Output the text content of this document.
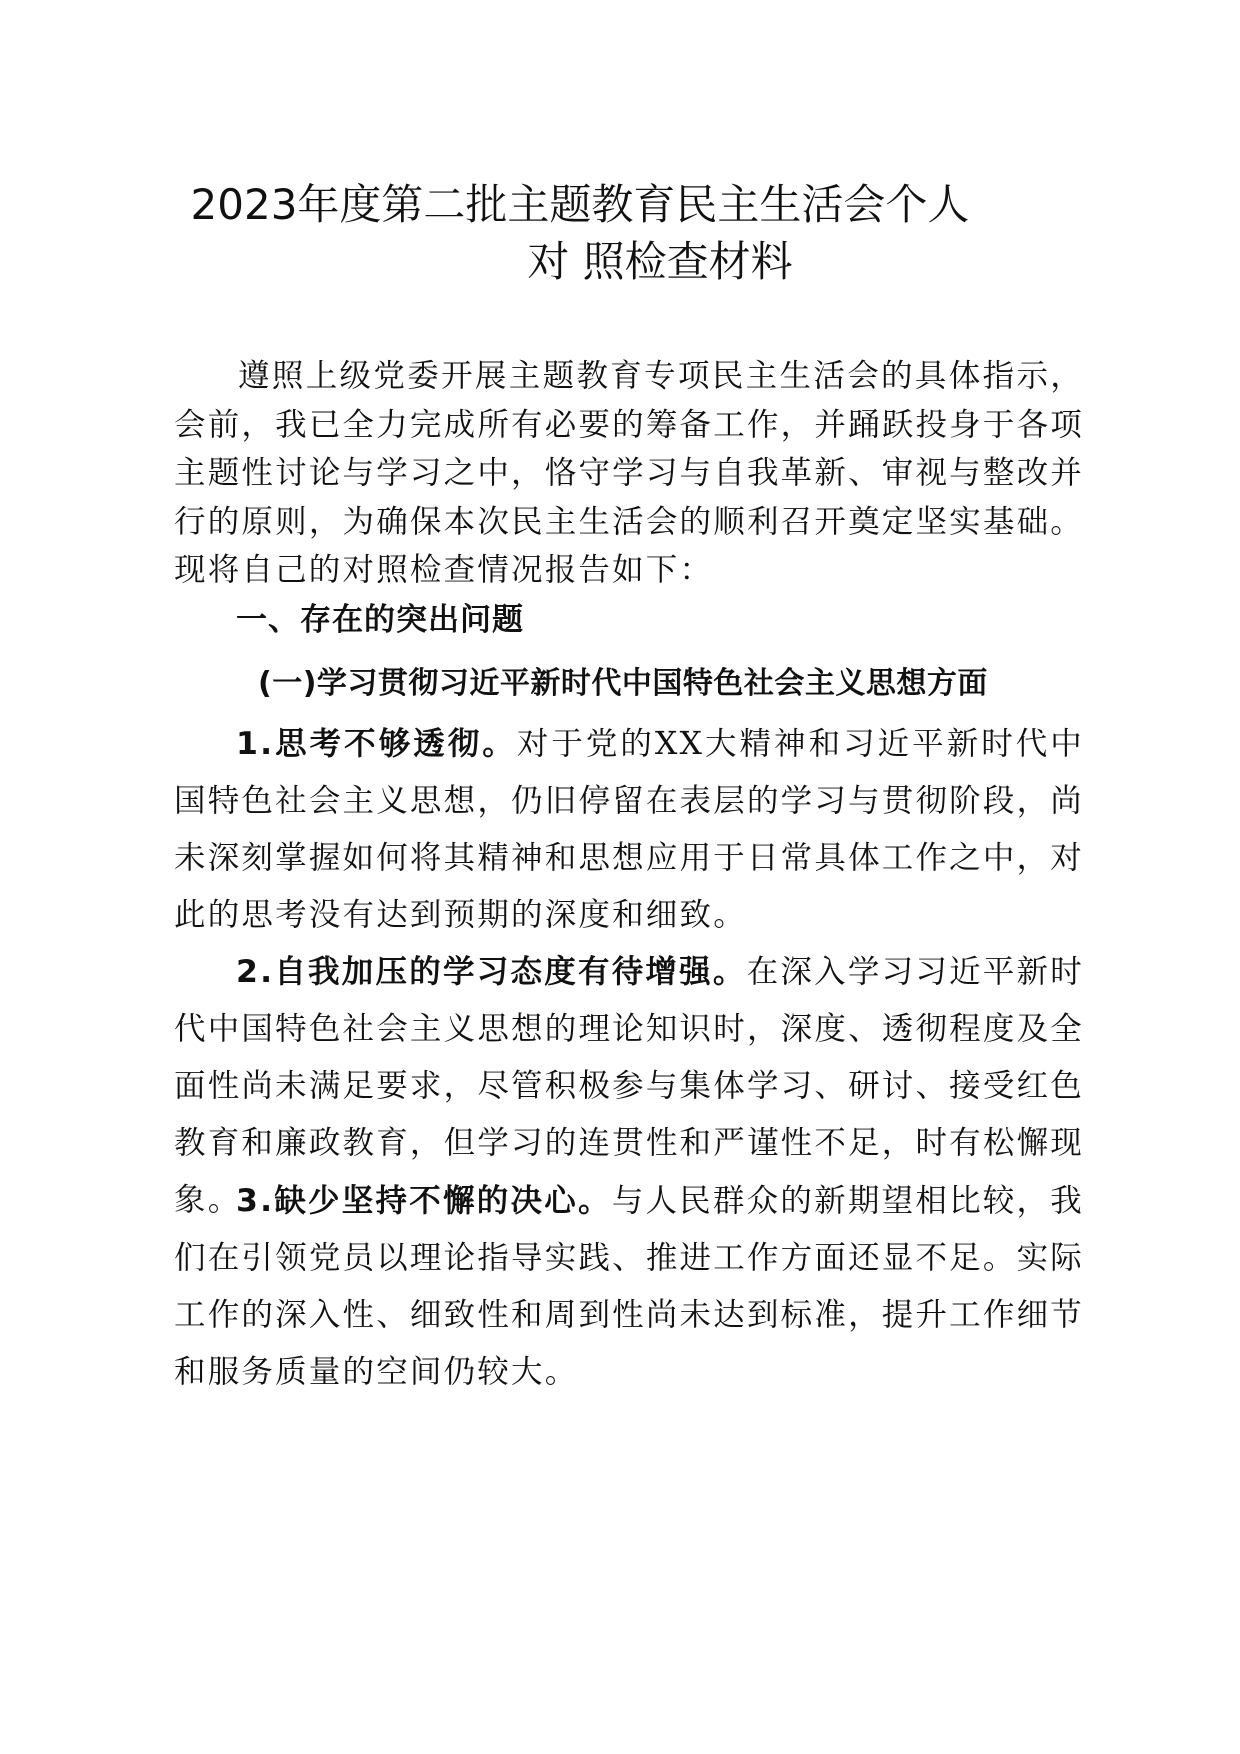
2023年度第二批主题教育民主生活会个人
对 照检查材料

遵照上级党委开展主题教育专项民主生活会的具体指示，会前，我已全力完成所有必要的筹备工作，并踊跃投身于各项主题性讨论与学习之中，恪守学习与自我革新、审视与整改并行的原则，为确保本次民主生活会的顺利召开奠定坚实基础。现将自己的对照检查情况报告如下：

一、存在的突出问题
(一)学习贯彻习近平新时代中国特色社会主义思想方面

1.思考不够透彻。对于党的XX大精神和习近平新时代中国特色社会主义思想，仍旧停留在表层的学习与贯彻阶段，尚未深刻掌握如何将其精神和思想应用于日常具体工作之中，对此的思考没有达到预期的深度和细致。

2.自我加压的学习态度有待增强。在深入学习习近平新时代中国特色社会主义思想的理论知识时，深度、透彻程度及全面性尚未满足要求，尽管积极参与集体学习、研讨、接受红色教育和廉政教育，但学习的连贯性和严谨性不足，时有松懈现象。

3.缺少坚持不懈的决心。与人民群众的新期望相比较，我们在引领党员以理论指导实践、推进工作方面还显不足。实际工作的深入性、细致性和周到性尚未达到标准，提升工作细节和服务质量的空间仍较大。
